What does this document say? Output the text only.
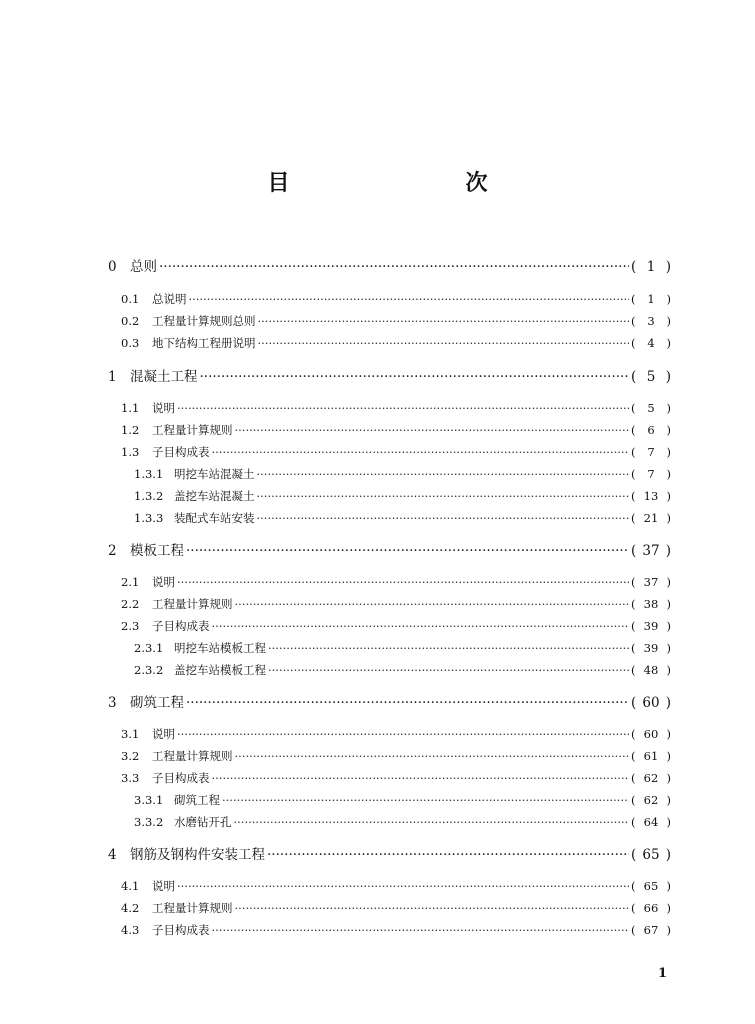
目　　次
0 总则 ·····	( 1 )
0.1	总说明 ·····	( 1 )
0.2	工程量计算规则总则 ·····	( 3 )
0.3	地下结构工程册说明 ·····	( 4 )
1 混凝土工程 ·····	( 5 )
1.1	说明 ·····	( 5 )
1.2	工程量计算规则 ·····	( 6 )
1.3	子目构成表 ·····	( 7 )
1.3.1 明挖车站混凝土 ·····	( 7 )
1.3.2 盖挖车站混凝土 ·····	( 13 )
1.3.3 装配式车站安装 ·····	( 21 )
2 模板工程 ·····	( 37 )
2.1	说明 ·····	( 37 )
2.2	工程量计算规则 ·····	( 38 )
2.3	子目构成表 ·····	( 39 )
2.3.1 明挖车站模板工程 ·····	( 39 )
2.3.2 盖挖车站模板工程 ·····	( 48 )
3 砌筑工程 ·····	( 60 )
3.1	说明 ·····	( 60 )
3.2	工程量计算规则 ·····	( 61 )
3.3	子目构成表 ·····	( 62 )
3.3.1 砌筑工程 ·····	( 62 )
3.3.2 水磨钻开孔 ·····	( 64 )
4 钢筋及钢构件安装工程 ·····	( 65 )
4.1	说明 ·····	( 65 )
4.2	工程量计算规则 ·····	( 66 )
4.3	子目构成表 ·····	( 67 )
1
